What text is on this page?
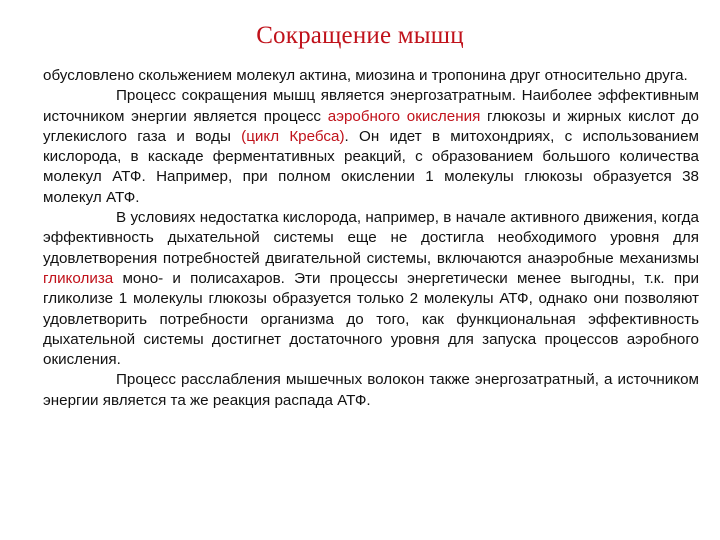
Сокращение мышц

обусловлено скольжением молекул актина, миозина и тропонина друг относительно друга.

Процесс сокращения мышц является энергозатратным. Наиболее эффективным источником энергии является процесс аэробного окисления глюкозы и жирных кислот до углекислого газа и воды (цикл Кребса). Он идет в митохондриях, с использованием кислорода, в каскаде ферментативных реакций, с образованием большого количества молекул АТФ. Например, при полном окислении 1 молекулы глюкозы образуется 38 молекул АТФ.

В условиях недостатка кислорода, например, в начале активного движения, когда эффективность дыхательной системы еще не достигла необходимого уровня для удовлетворения потребностей двигательной системы, включаются анаэробные механизмы гликолиза моно- и полисахаров. Эти процессы энергетически менее выгодны, т.к. при гликолизе 1 молекулы глюкозы образуется только 2 молекулы АТФ, однако они позволяют удовлетворить потребности организма до того, как функциональная эффективность дыхательной системы достигнет достаточного уровня для запуска процессов аэробного окисления.

Процесс расслабления мышечных волокон также энергозатратный, а источником энергии является та же реакция распада АТФ.
